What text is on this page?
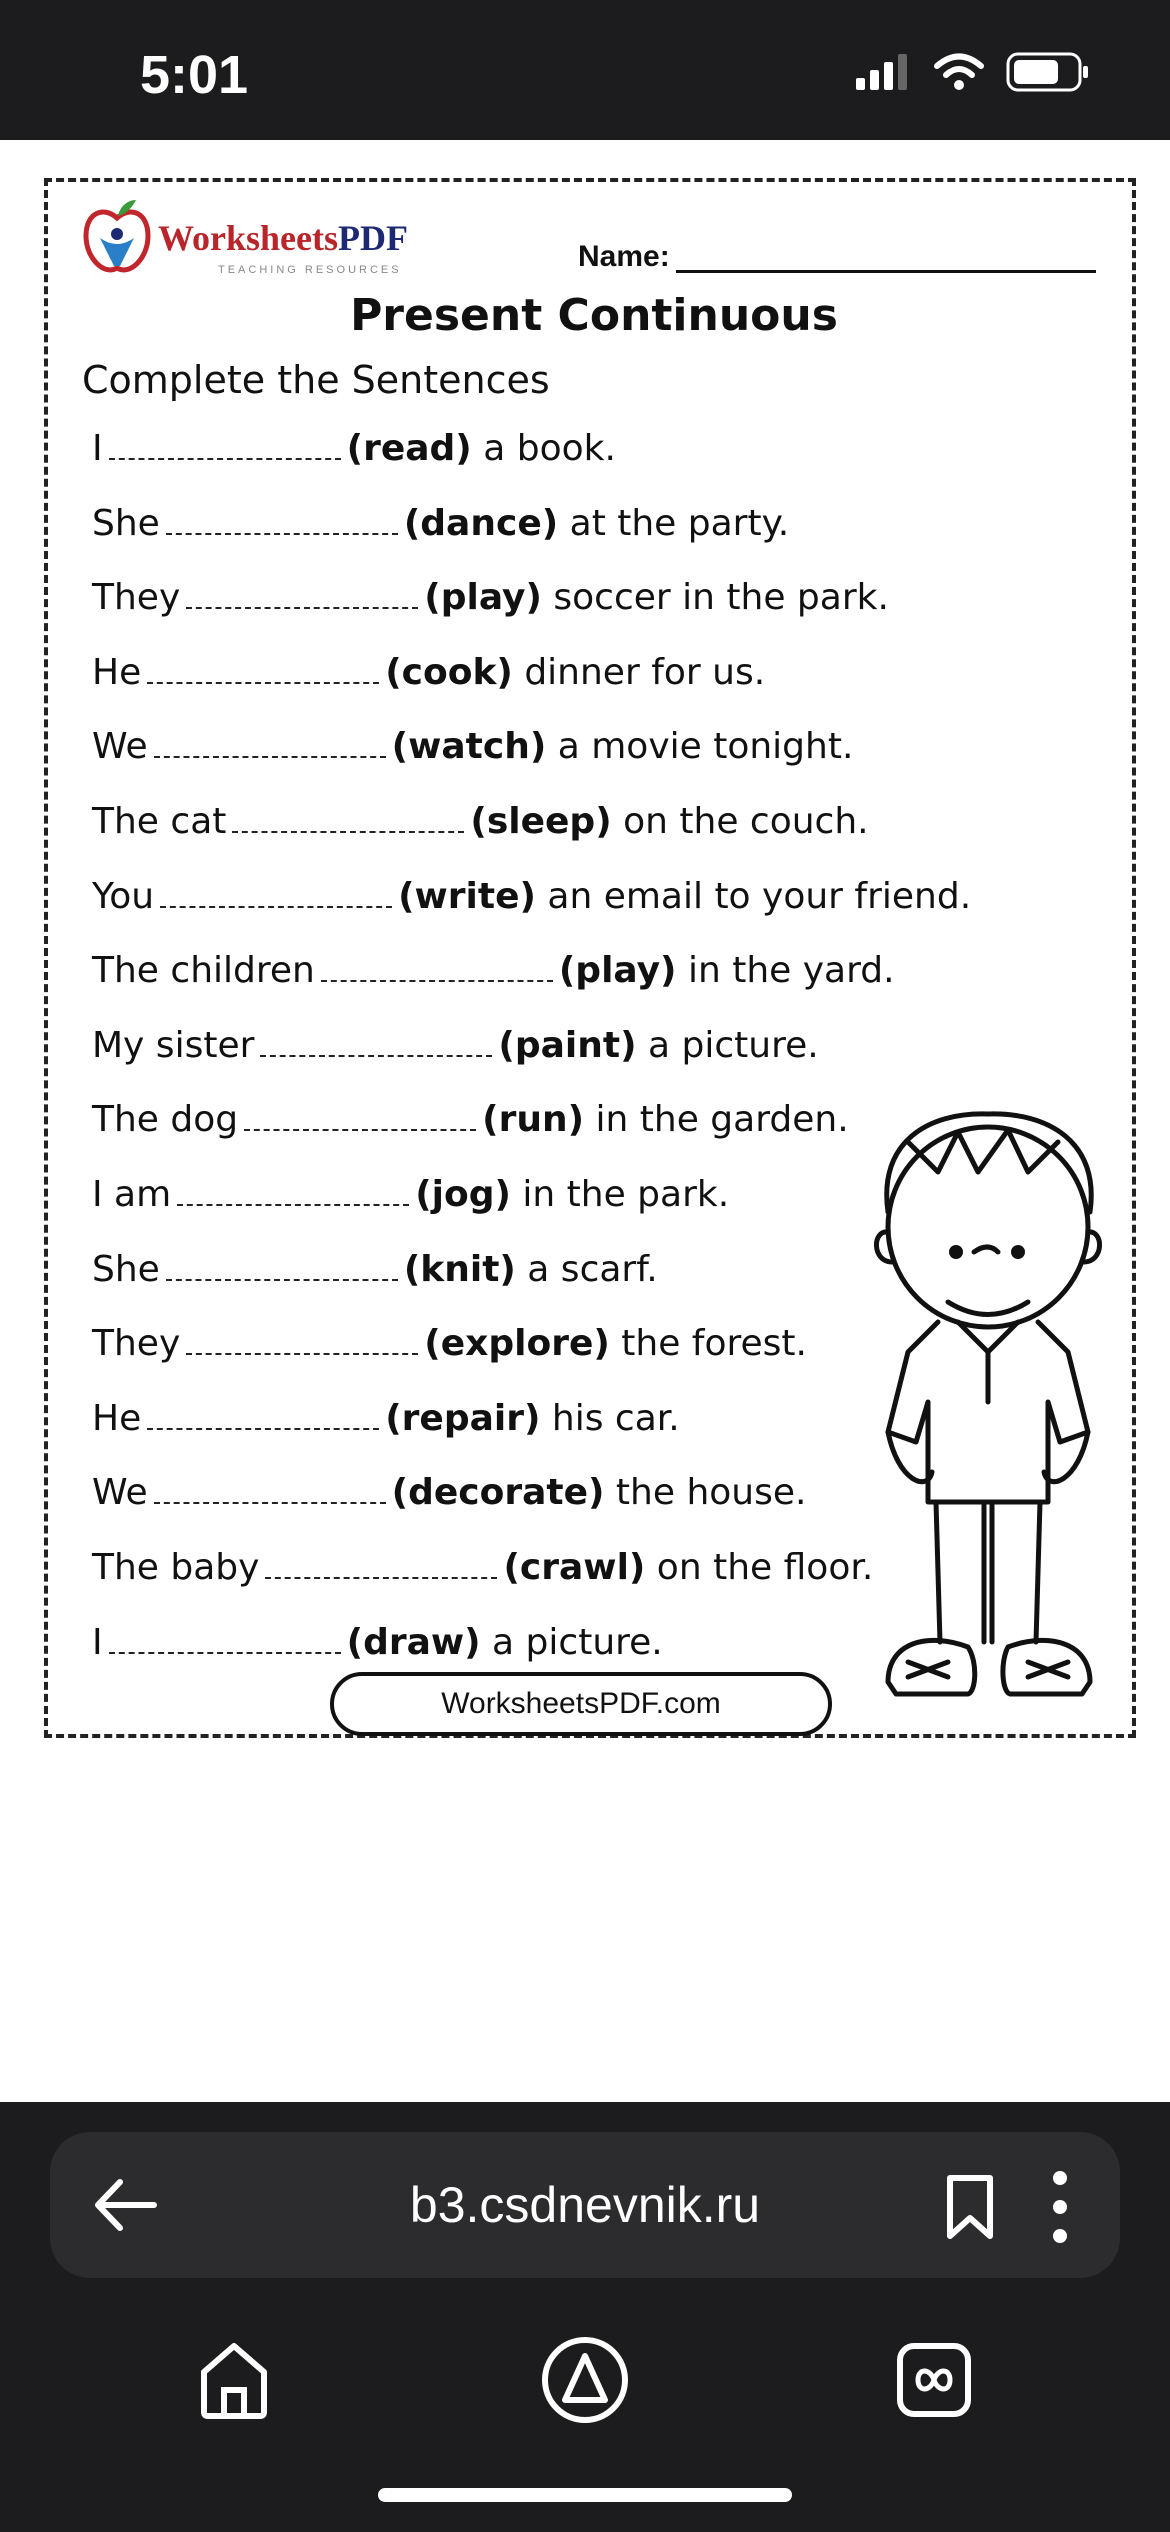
5:01
WorksheetsPDF
TEACHING RESOURCES	Name:
Present Continuous
Complete the Sentences
I	(read) a book.
She	(dance) at the party.
They	(play) soccer in the park.
He	(cook) dinner for us.
We	(watch) a movie tonight.
The cat	(sleep) on the couch.
You	(write) an email to your friend.
The children	(play) in the yard.
My sister	(paint) a picture.
The dog	(run) in the garden.
I am	(jog) in the park.
She	(knit) a scarf.
They	(explore) the forest.
He	(repair) his car.
We	(decorate) the house.
The baby	(crawl) on the floor.
I	(draw) a picture.
WorksheetsPDF.com
b3.csdnevnik.ru
